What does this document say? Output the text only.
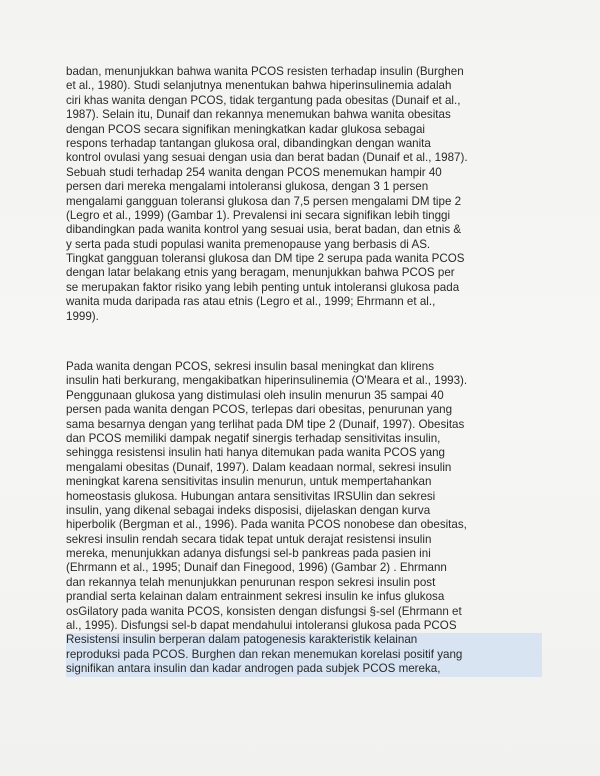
badan, menunjukkan bahwa wanita PCOS resisten terhadap insulin (Burghen
et al., 1980). Studi selanjutnya menentukan bahwa hiperinsulinemia adalah
ciri khas wanita dengan PCOS, tidak tergantung pada obesitas (Dunaif et al.,
1987). Selain itu, Dunaif dan rekannya menemukan bahwa wanita obesitas
dengan PCOS secara signifikan meningkatkan kadar glukosa sebagai
respons terhadap tantangan glukosa oral, dibandingkan dengan wanita
kontrol ovulasi yang sesuai dengan usia dan berat badan (Dunaif et al., 1987).
Sebuah studi terhadap 254 wanita dengan PCOS menemukan hampir 40
persen dari mereka mengalami intoleransi glukosa, dengan 3 1 persen
mengalami gangguan toleransi glukosa dan 7,5 persen mengalami DM tipe 2
(Legro et al., 1999) (Gambar 1). Prevalensi ini secara signifikan lebih tinggi
dibandingkan pada wanita kontrol yang sesuai usia, berat badan, dan etnis &
y serta pada studi populasi wanita premenopause yang berbasis di AS.
Tingkat gangguan toleransi glukosa dan DM tipe 2 serupa pada wanita PCOS
dengan latar belakang etnis yang beragam, menunjukkan bahwa PCOS per
se merupakan faktor risiko yang lebih penting untuk intoleransi glukosa pada
wanita muda daripada ras atau etnis (Legro et al., 1999; Ehrmann et al.,
1999).
Pada wanita dengan PCOS, sekresi insulin basal meningkat dan klirens
insulin hati berkurang, mengakibatkan hiperinsulinemia (O'Meara et al., 1993).
Penggunaan glukosa yang distimulasi oleh insulin menurun 35 sampai 40
persen pada wanita dengan PCOS, terlepas dari obesitas, penurunan yang
sama besarnya dengan yang terlihat pada DM tipe 2 (Dunaif, 1997). Obesitas
dan PCOS memiliki dampak negatif sinergis terhadap sensitivitas insulin,
sehingga resistensi insulin hati hanya ditemukan pada wanita PCOS yang
mengalami obesitas (Dunaif, 1997). Dalam keadaan normal, sekresi insulin
meningkat karena sensitivitas insulin menurun, untuk mempertahankan
homeostasis glukosa. Hubungan antara sensitivitas IRSUlin dan sekresi
insulin, yang dikenal sebagai indeks disposisi, dijelaskan dengan kurva
hiperbolik (Bergman et al., 1996). Pada wanita PCOS nonobese dan obesitas,
sekresi insulin rendah secara tidak tepat untuk derajat resistensi insulin
mereka, menunjukkan adanya disfungsi sel-b pankreas pada pasien ini
(Ehrmann et al., 1995; Dunaif dan Finegood, 1996) (Gambar 2) . Ehrmann
dan rekannya telah menunjukkan penurunan respon sekresi insulin post
prandial serta kelainan dalam entrainment sekresi insulin ke infus glukosa
osGilatory pada wanita PCOS, konsisten dengan disfungsi §-sel (Ehrmann et
al., 1995). Disfungsi sel-b dapat mendahului intoleransi glukosa pada PCOS
Resistensi insulin berperan dalam patogenesis karakteristik kelainan
reproduksi pada PCOS. Burghen dan rekan menemukan korelasi positif yang
signifikan antara insulin dan kadar androgen pada subjek PCOS mereka,
